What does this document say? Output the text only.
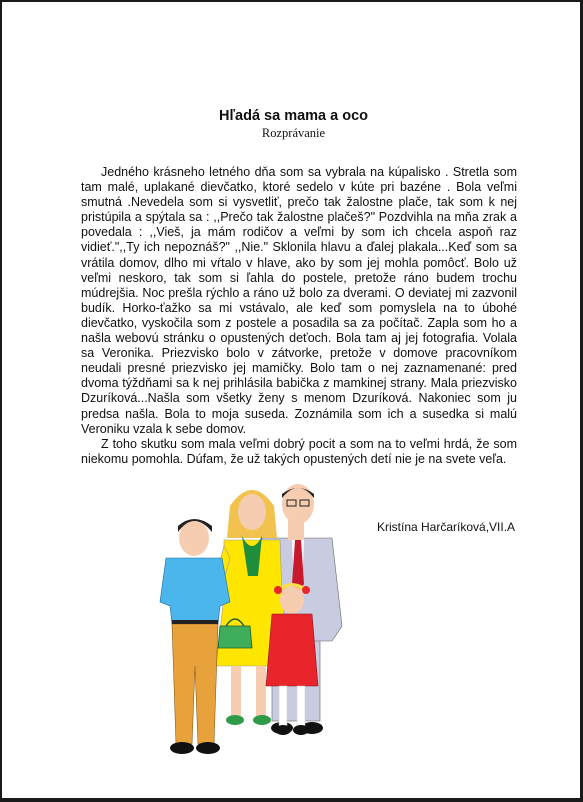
Hľadá sa mama a oco
Rozprávanie

Jedného krásneho letného dňa som sa vybrala na kúpalisko . Stretla som tam malé, uplakané dievčatko, ktoré sedelo v kúte pri bazéne . Bola veľmi smutná .Nevedela som si vysvetliť, prečo tak žalostne plače, tak som k nej pristúpila a spýtala sa : ,,Prečo tak žalostne plačeš?" Pozdvihla na mňa zrak a povedala : ,,Vieš, ja mám rodičov a veľmi by som ich chcela aspoň raz vidieť.",,Ty ich nepoznáš?" ,,Nie." Sklonila hlavu a ďalej plakala...Keď som sa vrátila domov, dlho mi vŕtalo v hlave, ako by som jej mohla pomôcť. Bolo už veľmi neskoro, tak som si ľahla do postele, pretože ráno budem trochu múdrejšia. Noc prešla rýchlo a ráno už bolo za dverami. O deviatej mi zazvonil budík. Horko-ťažko sa mi vstávalo, ale keď som pomyslela na to úbohé dievčatko, vyskočila som z postele a posadila sa za počítač. Zapla som ho a našla webovú stránku o opustených deťoch. Bola tam aj jej fotografia. Volala sa Veronika. Priezvisko bolo v zátvorke, pretože v domove pracovníkom neudali presné priezvisko jej mamičky. Bolo tam o nej zaznamenané: pred dvoma týždňami sa k nej prihlásila babička z mamkinej strany. Mala priezvisko Dzuríková...Našla som všetky ženy s menom Dzuríková. Nakoniec som ju predsa našla. Bola to moja suseda. Zoznámila som ich a susedka si malú Veroniku vzala k sebe domov.

Z toho skutku som mala veľmi dobrý pocit a som na to veľmi hrdá, že som niekomu pomohla. Dúfam, že už takých opustených detí nie je na svete veľa.

Kristína Harčaríková,VII.A
